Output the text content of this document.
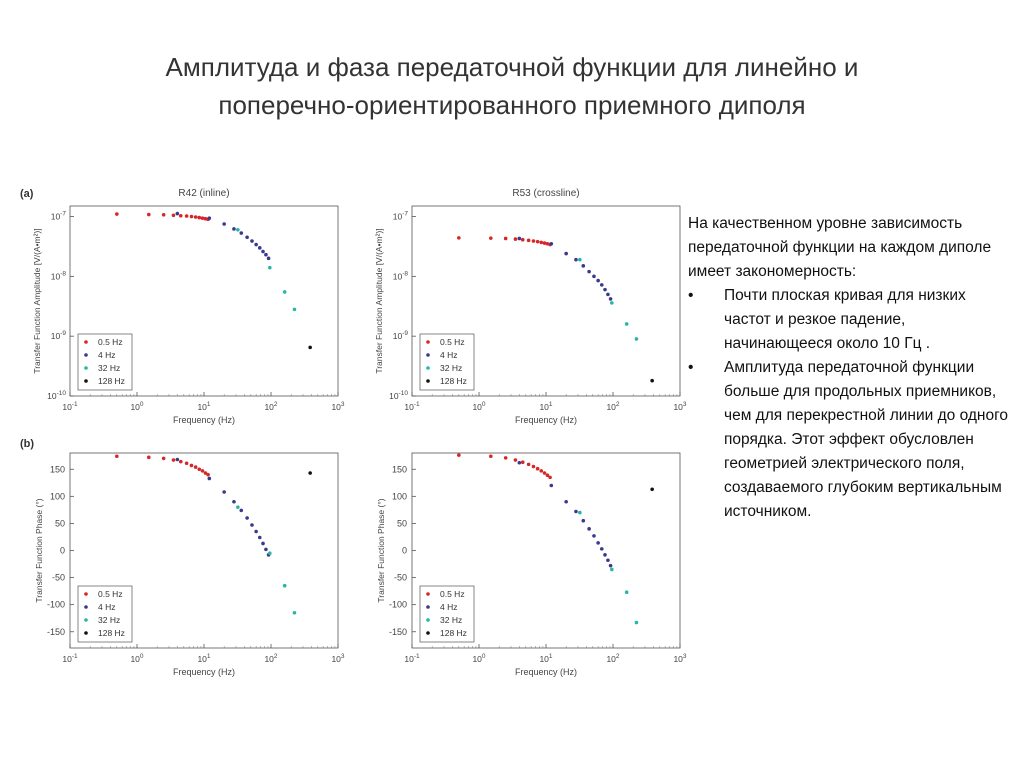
Амплитуда и фаза передаточной функции для линейно и
поперечно-ориентированного приемного диполя
(a)
(b)
$10^{-1}$	$10^0$	$10^1$	$10^2$	$10^3$
$10^{-10}$
$10^{-9}$
$10^{-8}$
$10^{-7}$
R42 (inline)
Frequency (Hz)
Transfer Function Amplitude [V/(A•m²)]	0.5 Hz
4 Hz
32 Hz
128 Hz
$10^{-1}$	$10^0$	$10^1$	$10^2$	$10^3$
$10^{-10}$
$10^{-9}$
$10^{-8}$
$10^{-7}$
R53 (crossline)
Frequency (Hz)
Transfer Function Amplitude [V/(A•m²)]	0.5 Hz
4 Hz
32 Hz
128 Hz
$10^{-1}$	$10^0$	$10^1$	$10^2$	$10^3$
-150
-100
-50
0
50
100
150
Frequency (Hz)
Transfer Function Phase (°)	0.5 Hz
4 Hz
32 Hz
128 Hz
$10^{-1}$	$10^0$	$10^1$	$10^2$	$10^3$
-150
-100
-50
0
50
100
150
Frequency (Hz)
Transfer Function Phase (°)	0.5 Hz
4 Hz
32 Hz
128 Hz
На качественном уровне зависимость передаточной функции на каждом диполе имеет закономерность:
• Почти плоская кривая для низких частот и резкое падение, начинающееся около 10 Гц .
• Амплитуда передаточной функции больше для продольных приемников, чем для перекрестной линии до одного порядка. Этот эффект обусловлен геометрией электрического поля, создаваемого глубоким вертикальным источником.
